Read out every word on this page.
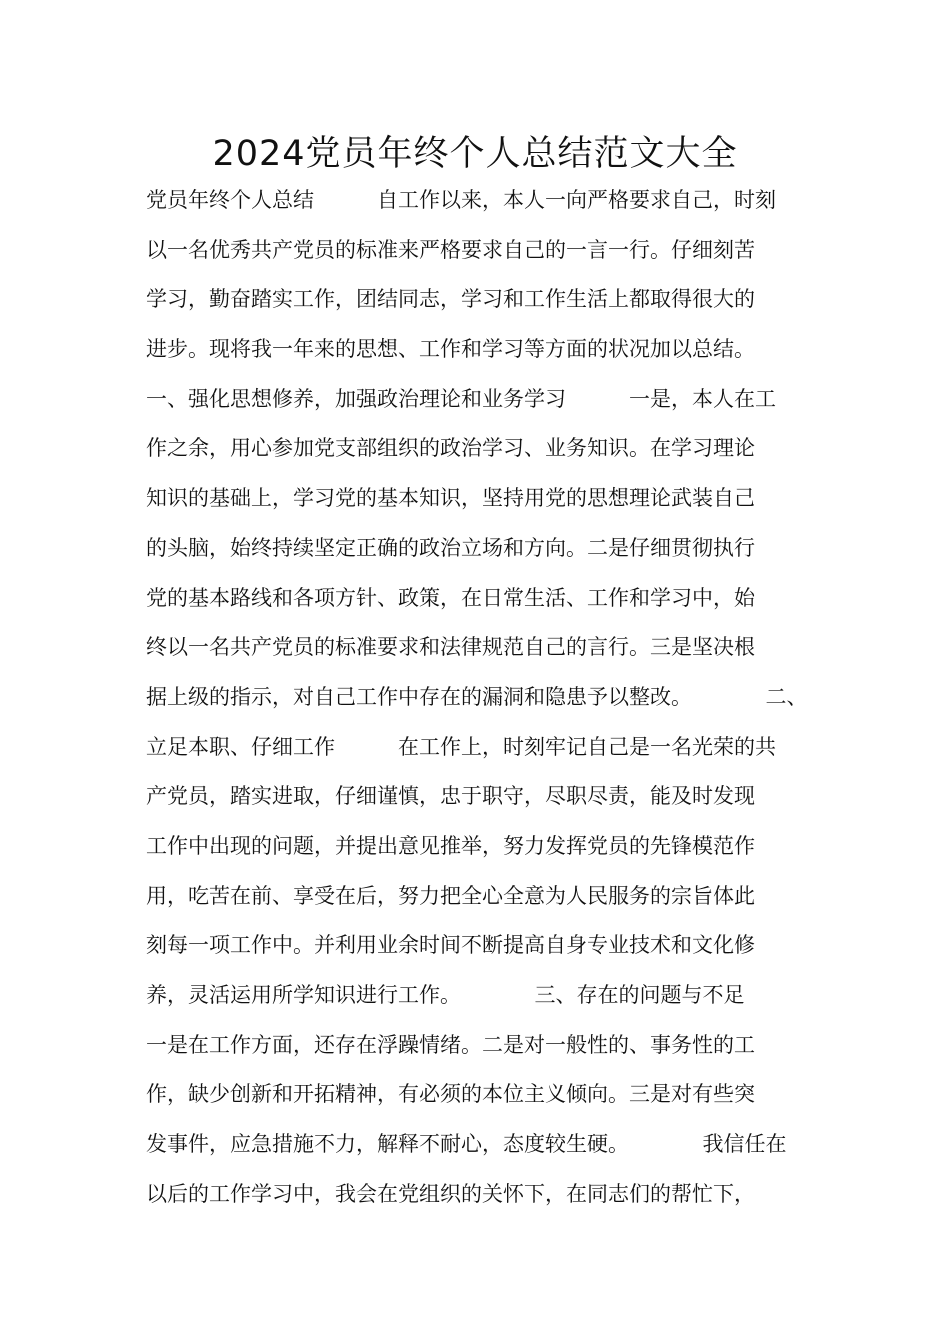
2024党员年终个人总结范文大全
党员年终个人总结　　　自工作以来，本人一向严格要求自己，时刻
以一名优秀共产党员的标准来严格要求自己的一言一行。仔细刻苦
学习，勤奋踏实工作，团结同志，学习和工作生活上都取得很大的
进步。现将我一年来的思想、工作和学习等方面的状况加以总结。
一、强化思想修养，加强政治理论和业务学习　　　一是，本人在工
作之余，用心参加党支部组织的政治学习、业务知识。在学习理论
知识的基础上，学习党的基本知识，坚持用党的思想理论武装自己
的头脑，始终持续坚定正确的政治立场和方向。二是仔细贯彻执行
党的基本路线和各项方针、政策，在日常生活、工作和学习中，始
终以一名共产党员的标准要求和法律规范自己的言行。三是坚决根
据上级的指示，对自己工作中存在的漏洞和隐患予以整改。　　　　二、
立足本职、仔细工作　　　在工作上，时刻牢记自己是一名光荣的共
产党员，踏实进取，仔细谨慎，忠于职守，尽职尽责，能及时发现
工作中出现的问题，并提出意见推举，努力发挥党员的先锋模范作
用，吃苦在前、享受在后，努力把全心全意为人民服务的宗旨体此
刻每一项工作中。并利用业余时间不断提高自身专业技术和文化修
养，灵活运用所学知识进行工作。　　　　三、存在的问题与不足
一是在工作方面，还存在浮躁情绪。二是对一般性的、事务性的工
作，缺少创新和开拓精神，有必须的本位主义倾向。三是对有些突
发事件，应急措施不力，解释不耐心，态度较生硬。　　　　我信任在
以后的工作学习中，我会在党组织的关怀下，在同志们的帮忙下，
